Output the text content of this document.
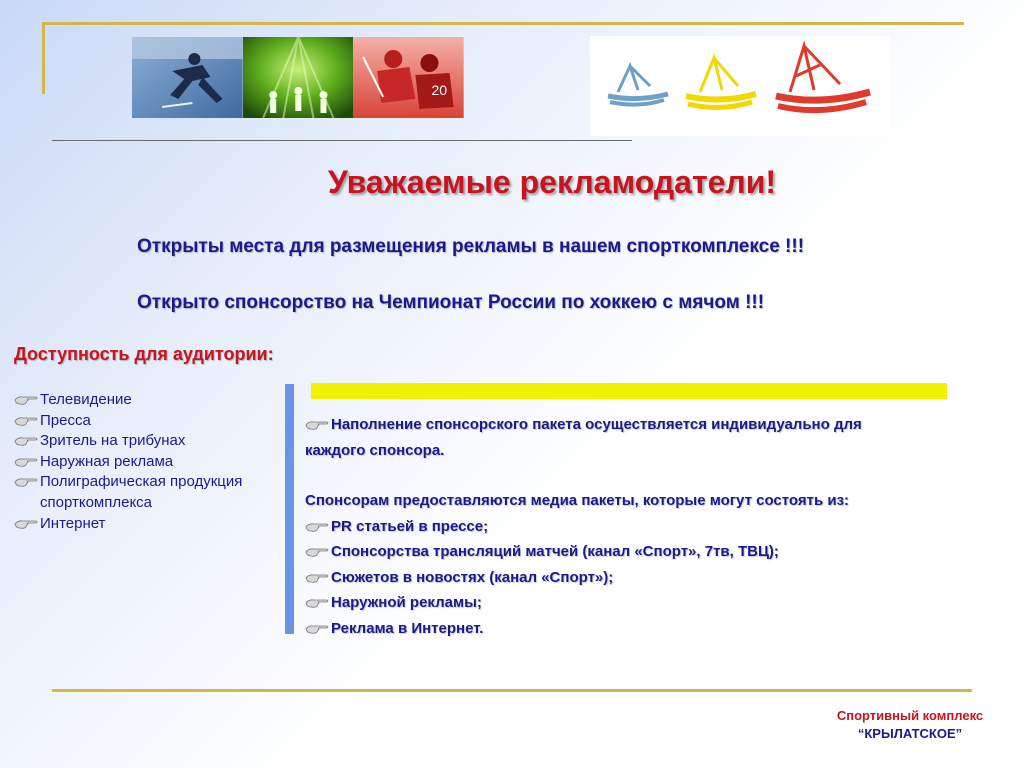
20
Уважаемые рекламодатели!
Открыты места для размещения рекламы в нашем спорткомплексе !!!
Открыто спонсорство на Чемпионат России по хоккею с мячом !!!
Доступность для аудитории:
Телевидение
Пресса
Зритель на трибунах
Наружная реклама
Полиграфическая продукция спорткомплекса
Интернет
Наполнение спонсорского пакета осуществляется индивидуально для
каждого спонсора.
Спонсорам предоставляются медиа пакеты, которые могут состоять из:
PR статьей в прессе;
Спонсорства трансляций матчей (канал «Спорт», 7тв, ТВЦ);
Сюжетов в новостях (канал «Спорт»);
Наружной рекламы;
Реклама в Интернет.
Спортивный комплекс
“КРЫЛАТСКОЕ”
